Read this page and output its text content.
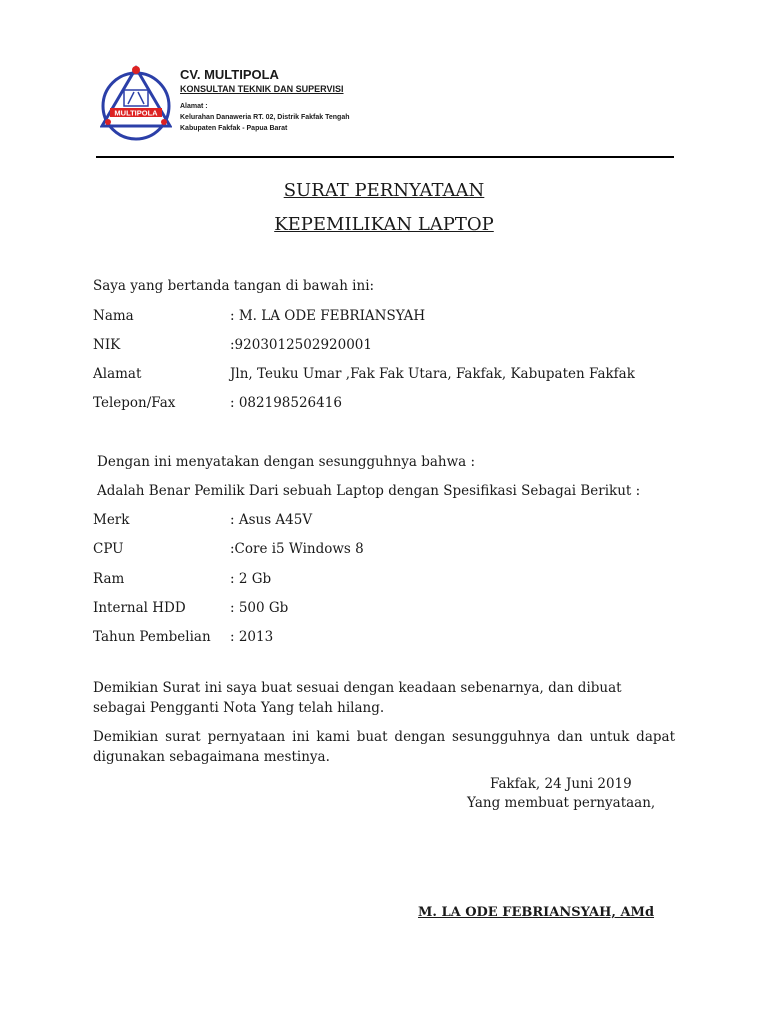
MULTIPOLA
CV. MULTIPOLA
KONSULTAN TEKNIK DAN SUPERVISI
Alamat :
Kelurahan Danaweria RT. 02, Distrik Fakfak Tengah
Kabupaten Fakfak - Papua Barat
SURAT PERNYATAAN
KEPEMILIKAN LAPTOP
Saya yang bertanda tangan di bawah ini:
Nama	: M. LA ODE FEBRIANSYAH
NIK	:9203012502920001
Alamat	Jln, Teuku Umar ,Fak Fak Utara, Fakfak, Kabupaten Fakfak
Telepon/Fax	: 082198526416
Dengan ini menyatakan dengan sesungguhnya bahwa :
Adalah Benar Pemilik Dari sebuah Laptop dengan Spesifikasi Sebagai Berikut :
Merk	: Asus A45V
CPU	:Core i5 Windows 8
Ram	: 2 Gb
Internal HDD	: 500 Gb
Tahun Pembelian : 2013
Demikian Surat ini saya buat sesuai dengan keadaan sebenarnya, dan dibuat sebagai Pengganti Nota Yang telah hilang.
Demikian surat pernyataan ini kami buat dengan sesungguhnya dan untuk dapat digunakan sebagaimana mestinya.
Fakfak, 24 Juni 2019
Yang membuat pernyataan,
M. LA ODE FEBRIANSYAH, AMd
